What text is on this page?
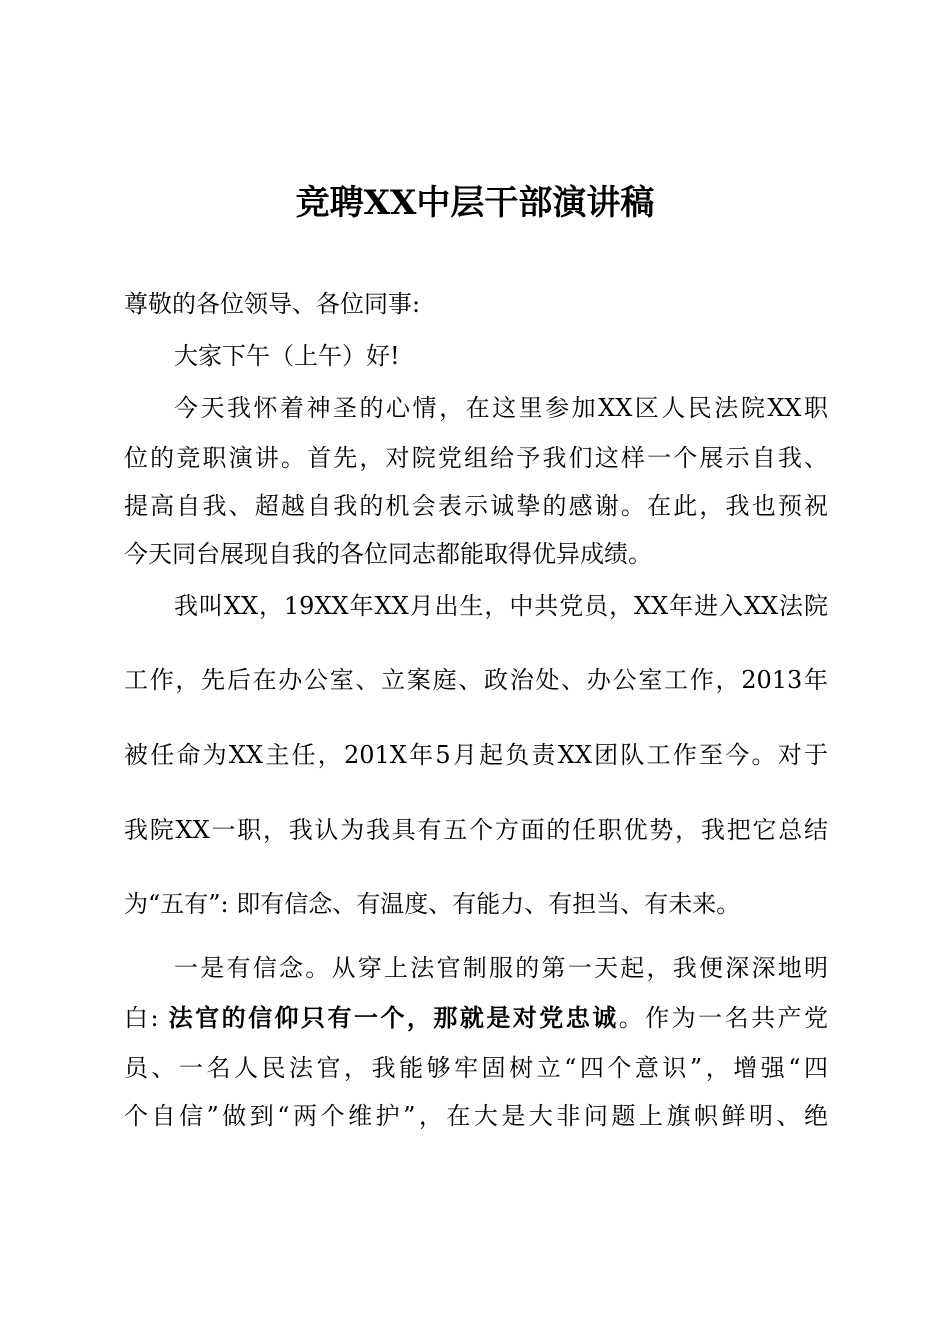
竞聘XX中层干部演讲稿
尊敬的各位领导、各位同事:
大家下午（上午）好!
今天我怀着神圣的心情，在这里参加XX区人民法院XX职
位的竞职演讲。首先，对院党组给予我们这样一个展示自我、
提高自我、超越自我的机会表示诚挚的感谢。在此，我也预祝
今天同台展现自我的各位同志都能取得优异成绩。
我叫XX，19XX年XX月出生，中共党员，XX年进入XX法院
工作，先后在办公室、立案庭、政治处、办公室工作，2013年
被任命为XX主任，201X年5月起负责XX团队工作至今。对于
我院XX一职，我认为我具有五个方面的任职优势，我把它总结
为“五有”: 即有信念、有温度、有能力、有担当、有未来。
一是有信念。从穿上法官制服的第一天起，我便深深地明
白: 法官的信仰只有一个，那就是对党忠诚。作为一名共产党
员、一名人民法官，我能够牢固树立“四个意识”，增强“四
个自信”做到“两个维护”，在大是大非问题上旗帜鲜明、绝
